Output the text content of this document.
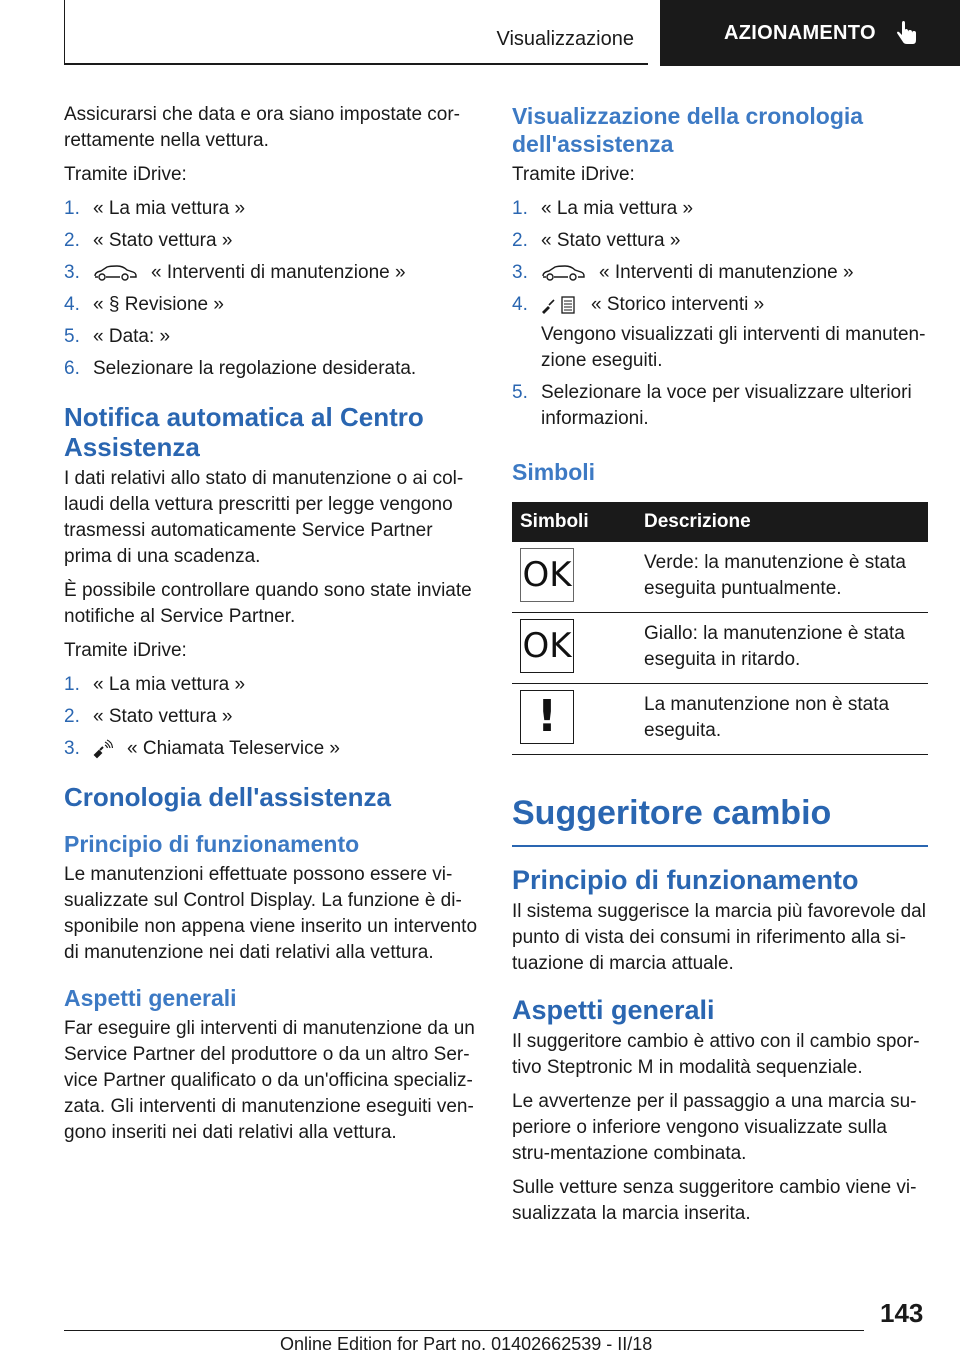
Visualizzazione	AZIONAMENTO

Assicurarsi che data e ora siano impostate cor-rettamente nella vettura.

Tramite iDrive:

1. « La mia vettura »
2. « Stato vettura »
3.	« Interventi di manutenzione »
4. « § Revisione »
5. « Data: »
6. Selezionare la regolazione desiderata.
Notifica automatica al Centro Assistenza

I dati relativi allo stato di manutenzione o ai col-laudi della vettura prescritti per legge vengono trasmessi automaticamente Service Partner prima di una scadenza.

È possibile controllare quando sono state inviate notifiche al Service Partner.

Tramite iDrive:

1. « La mia vettura »
2. « Stato vettura »
3. « Chiamata Teleservice »
Cronologia dell'assistenza
Principio di funzionamento

Le manutenzioni effettuate possono essere vi-sualizzate sul Control Display. La funzione è di-sponibile non appena viene inserito un intervento di manutenzione nei dati relativi alla vettura.

Aspetti generali

Far eseguire gli interventi di manutenzione da un Service Partner del produttore o da un altro Ser-vice Partner qualificato o da un'officina specializ-zata. Gli interventi di manutenzione eseguiti ven-gono inseriti nei dati relativi alla vettura.

Visualizzazione della cronologia dell'assistenza

Tramite iDrive:

1. « La mia vettura »
2. « Stato vettura »
3.	« Interventi di manutenzione »
4.	« Storico interventi »
Vengono visualizzati gli interventi di manuten-zione eseguiti.
5. Selezionare la voce per visualizzare ulteriori informazioni.
Simboli
Simboli	Descrizione

OK	Verde: la manutenzione è stata eseguita puntualmente.

OK	Giallo: la manutenzione è stata eseguita in ritardo.

!	La manutenzione non è stata eseguita.
Suggeritore cambio
Principio di funzionamento

Il sistema suggerisce la marcia più favorevole dal punto di vista dei consumi in riferimento alla si-tuazione di marcia attuale.

Aspetti generali

Il suggeritore cambio è attivo con il cambio spor-tivo Steptronic M in modalità sequenziale.

Le avvertenze per il passaggio a una marcia su-periore o inferiore vengono visualizzate sulla stru-mentazione combinata.

Sulle vetture senza suggeritore cambio viene vi-sualizzata la marcia inserita.

143
Online Edition for Part no. 01402662539 - II/18
